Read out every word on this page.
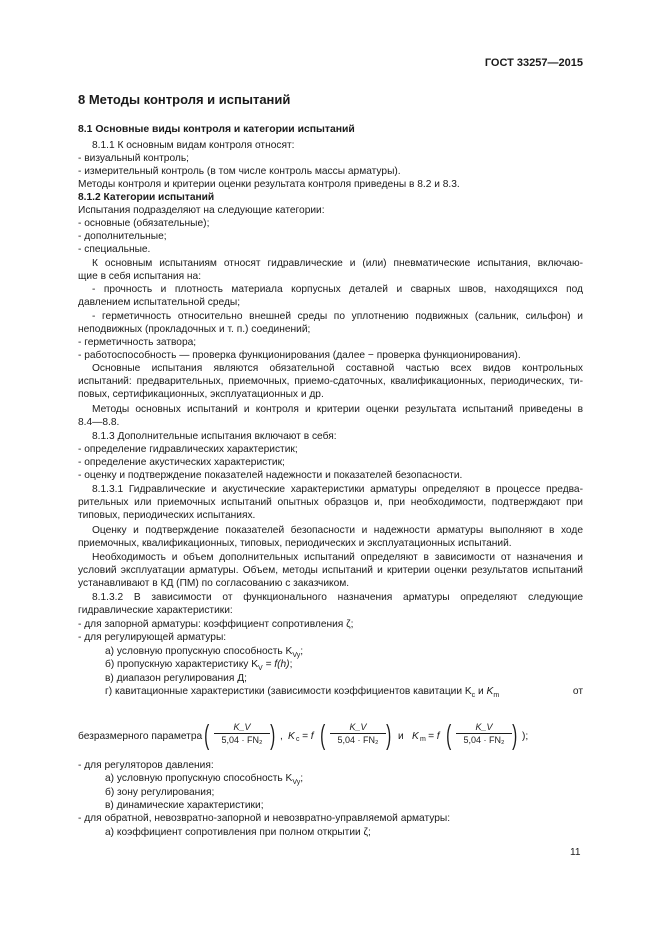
ГОСТ 33257—2015
8 Методы контроля и испытаний
8.1 Основные виды контроля и категории испытаний
8.1.1 К основным видам контроля относят:
- визуальный контроль;
- измерительный контроль (в том числе контроль массы арматуры).
Методы контроля и критерии оценки результата контроля приведены в 8.2 и 8.3.
8.1.2 Категории испытаний
Испытания подразделяют на следующие категории:
- основные (обязательные);
- дополнительные;
- специальные.
К основным испытаниям относят гидравлические и (или) пневматические испытания, включаю-
щие в себя испытания на:
- прочность и плотность материала корпусных деталей и сварных швов, находящихся под
давлением испытательной среды;
- герметичность относительно внешней среды по уплотнению подвижных (сальник, сильфон) и
неподвижных (прокладочных и т. п.) соединений;
- герметичность затвора;
- работоспособность — проверка функционирования (далее − проверка функционирования).
Основные испытания являются обязательной составной частью всех видов контрольных
испытаний: предварительных, приемочных, приемо-сдаточных, квалификационных, периодических, ти-
повых, сертификационных, эксплуатационных и др.
Методы основных испытаний и контроля и критерии оценки результата испытаний приведены в
8.4—8.8.
8.1.3 Дополнительные испытания включают в себя:
- определение гидравлических характеристик;
- определение акустических характеристик;
- оценку и подтверждение показателей надежности и показателей безопасности.
8.1.3.1 Гидравлические и акустические характеристики арматуры определяют в процессе предва-
рительных или приемочных испытаний опытных образцов и, при необходимости, подтверждают при
типовых, периодических испытаниях.
Оценку и подтверждение показателей безопасности и надежности арматуры выполняют в ходе
приемочных, квалификационных, типовых, периодических и эксплуатационных испытаний.
Необходимость и объем дополнительных испытаний определяют в зависимости от назначения и
условий эксплуатации арматуры. Объем, методы испытаний и критерии оценки результатов испытаний
устанавливают в КД (ПМ) по согласованию с заказчиком.
8.1.3.2 В зависимости от функционального назначения арматуры определяют следующие
гидравлические характеристики:
- для запорной арматуры: коэффициент сопротивления ζ;
- для регулирующей арматуры:
а) условную пропускную способность $K_{Vy}$;
б) пропускную характеристику $K_V = f(h)$;
в) диапазон регулирования Д;
г) кавитационные характеристики (зависимости коэффициентов кавитации $K_c$ и $K_m$	от
безразмерного параметра (	K_V
5,04 · FN₂ ) , K c = f (	K_V
5,04 · FN₂ ) и K m = f (	K_V
5,04 · FN₂ ) );
- для регуляторов давления:
а) условную пропускную способность $K_{Vy}$;
б) зону регулирования;
в) динамические характеристики;
- для обратной, невозвратно-запорной и невозвратно-управляемой арматуры:
а) коэффициент сопротивления при полном открытии ζ;
11
